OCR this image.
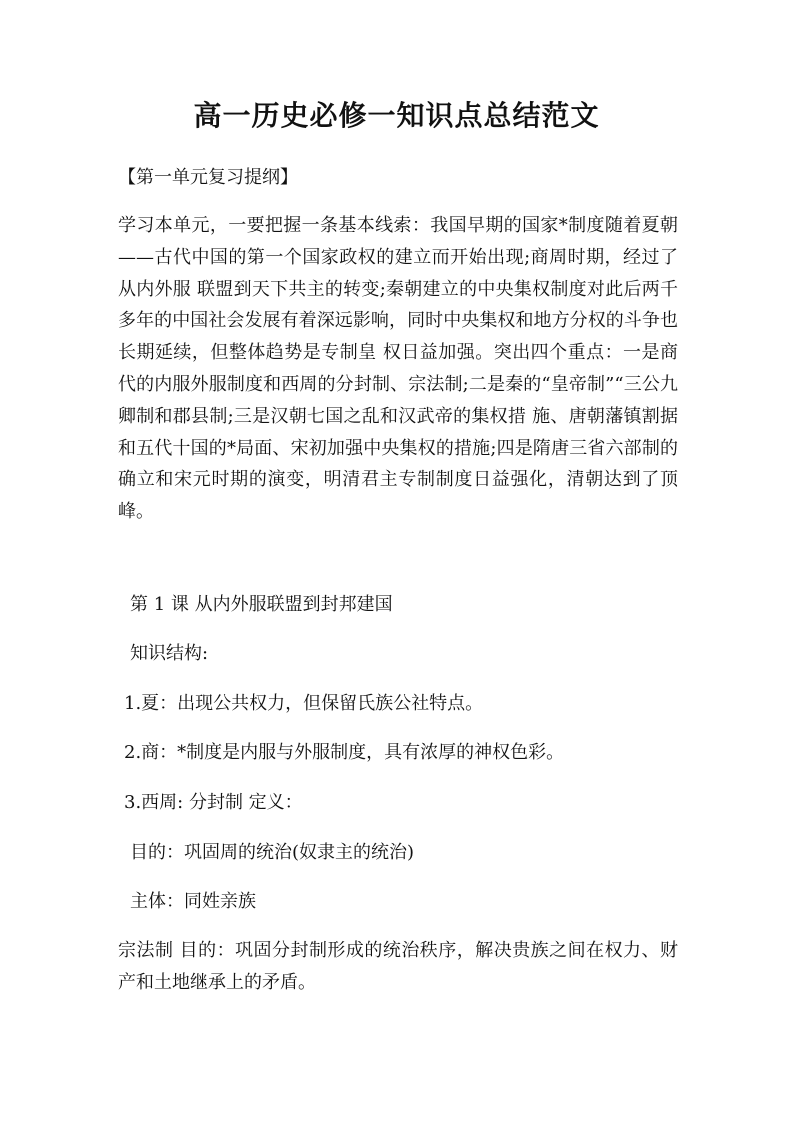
高一历史必修一知识点总结范文
【第一单元复习提纲】
学习本单元，一要把握一条基本线索：我国早期的国家*制度随着夏朝——古代中国的第一个国家政权的建立而开始出现;商周时期，经过了从内外服 联盟到天下共主的转变;秦朝建立的中央集权制度对此后两千多年的中国社会发展有着深远影响，同时中央集权和地方分权的斗争也长期延续，但整体趋势是专制皇 权日益加强。突出四个重点：一是商代的内服外服制度和西周的分封制、宗法制;二是秦的“皇帝制”“三公九卿制和郡县制;三是汉朝七国之乱和汉武帝的集权措 施、唐朝藩镇割据和五代十国的*局面、宋初加强中央集权的措施;四是隋唐三省六部制的确立和宋元时期的演变，明清君主专制制度日益强化，清朝达到了顶 峰。
第 1 课 从内外服联盟到封邦建国
知识结构:
1.夏：出现公共权力，但保留氏族公社特点。
2.商：*制度是内服与外服制度，具有浓厚的神权色彩。
3.西周: 分封制 定义：
目的：巩固周的统治(奴隶主的统治)
主体：同姓亲族
宗法制 目的：巩固分封制形成的统治秩序，解决贵族之间在权力、财产和土地继承上的矛盾。
